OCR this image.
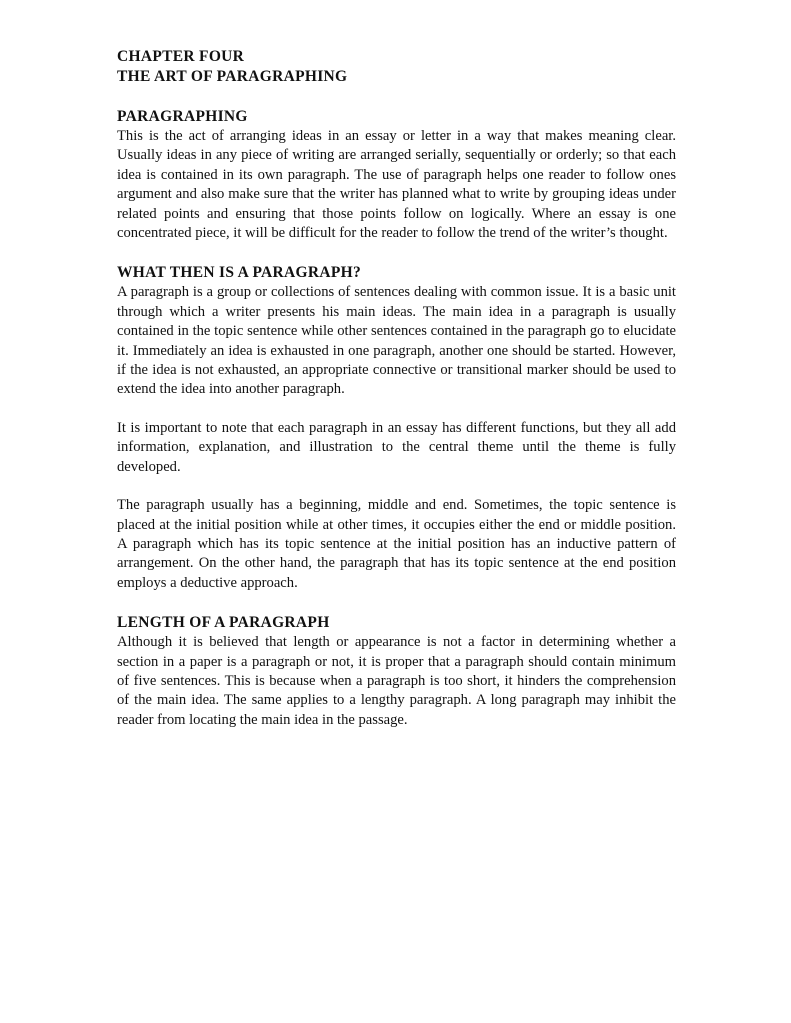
CHAPTER FOUR

THE ART OF PARAGRAPHING

PARAGRAPHING

This is the act of arranging ideas in an essay or letter in a way that makes meaning clear. Usually ideas in any piece of writing are arranged serially, sequentially or orderly; so that each idea is contained in its own paragraph. The use of paragraph helps one reader to follow ones argument and also make sure that the writer has planned what to write by grouping ideas under related points and ensuring that those points follow on logically. Where an essay is one concentrated piece, it will be difficult for the reader to follow the trend of the writer’s thought.

WHAT THEN IS A PARAGRAPH?

A paragraph is a group or collections of sentences dealing with common issue. It is a basic unit through which a writer presents his main ideas. The main idea in a paragraph is usually contained in the topic sentence while other sentences contained in the paragraph go to elucidate it. Immediately an idea is exhausted in one paragraph, another one should be started. However, if the idea is not exhausted, an appropriate connective or transitional marker should be used to extend the idea into another paragraph.

It is important to note that each paragraph in an essay has different functions, but they all add information, explanation, and illustration to the central theme until the theme is fully developed.

The paragraph usually has a beginning, middle and end. Sometimes, the topic sentence is placed at the initial position while at other times, it occupies either the end or middle position. A paragraph which has its topic sentence at the initial position has an inductive pattern of arrangement. On the other hand, the paragraph that has its topic sentence at the end position employs a deductive approach.

LENGTH OF A PARAGRAPH

Although it is believed that length or appearance is not a factor in determining whether a section in a paper is a paragraph or not, it is proper that a paragraph should contain minimum of five sentences. This is because when a paragraph is too short, it hinders the comprehension of the main idea. The same applies to a lengthy paragraph. A long paragraph may inhibit the reader from locating the main idea in the passage.
